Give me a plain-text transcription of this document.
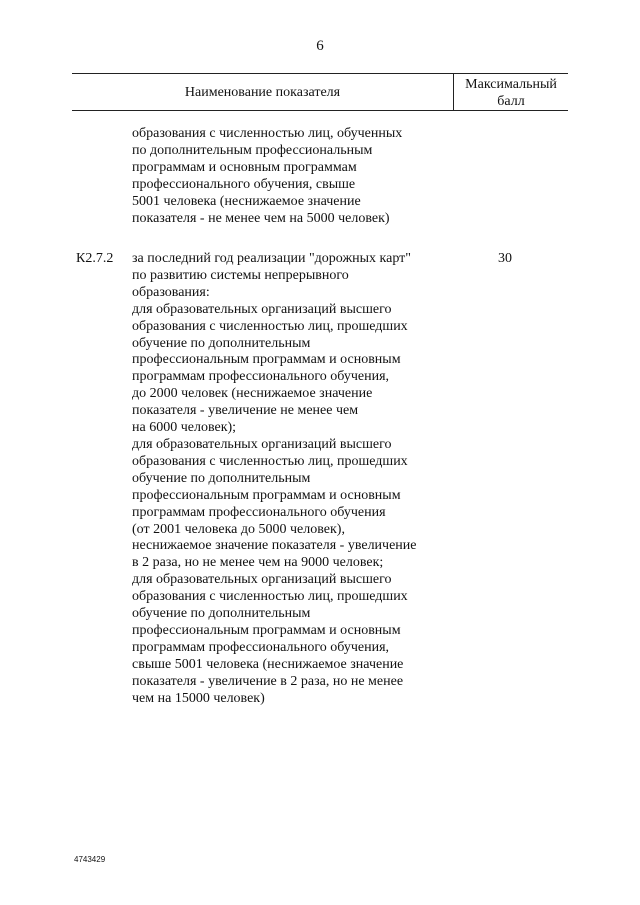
6
Наименование показателя
Максимальный
балл
образования с численностью лиц, обученных
по дополнительным профессиональным
программам и основным программам
профессионального обучения, свыше
5001 человека (неснижаемое значение
показателя - не менее чем на 5000 человек)
К2.7.2 за последний год реализации "дорожных карт"
по развитию системы непрерывного
образования:
для образовательных организаций высшего
образования с численностью лиц, прошедших
обучение по дополнительным
профессиональным программам и основным
программам профессионального обучения,
до 2000 человек (неснижаемое значение
показателя - увеличение не менее чем
на 6000 человек);
для образовательных организаций высшего
образования с численностью лиц, прошедших
обучение по дополнительным
профессиональным программам и основным
программам профессионального обучения
(от 2001 человека до 5000 человек),
неснижаемое значение показателя - увеличение
в 2 раза, но не менее чем на 9000 человек;
для образовательных организаций высшего
образования с численностью лиц, прошедших
обучение по дополнительным
профессиональным программам и основным
программам профессионального обучения,
свыше 5001 человека (неснижаемое значение
показателя - увеличение в 2 раза, но не менее
чем на 15000 человек)
30
4743429
